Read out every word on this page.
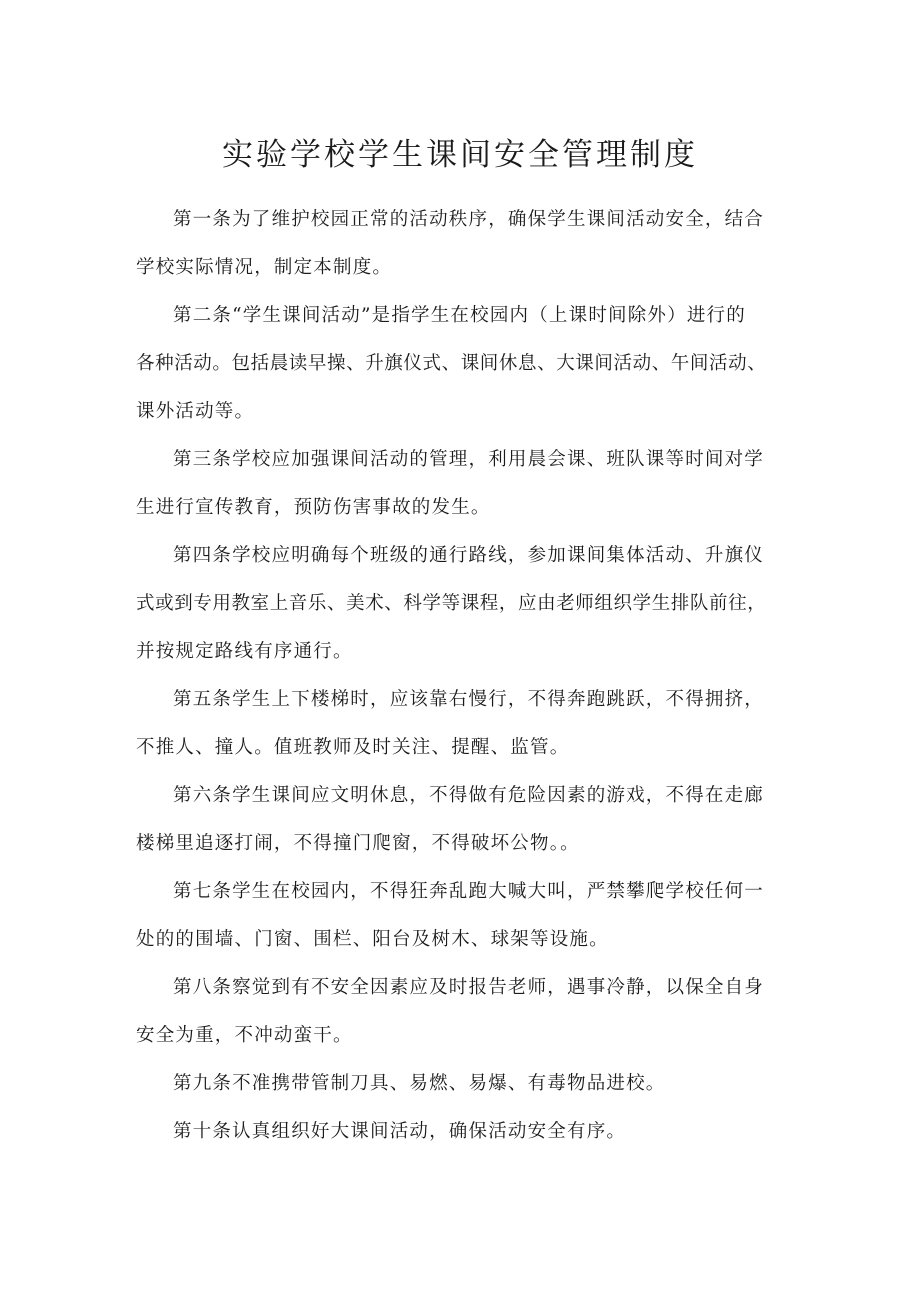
实验学校学生课间安全管理制度

第一条为了维护校园正常的活动秩序，确保学生课间活动安全，结合
学校实际情况，制定本制度。

第二条“学生课间活动”是指学生在校园内（上课时间除外）进行的
各种活动。包括晨读早操、升旗仪式、课间休息、大课间活动、午间活动、
课外活动等。

第三条学校应加强课间活动的管理，利用晨会课、班队课等时间对学
生进行宣传教育，预防伤害事故的发生。

第四条学校应明确每个班级的通行路线，参加课间集体活动、升旗仪
式或到专用教室上音乐、美术、科学等课程，应由老师组织学生排队前往，
并按规定路线有序通行。

第五条学生上下楼梯时，应该靠右慢行，不得奔跑跳跃，不得拥挤，
不推人、撞人。值班教师及时关注、提醒、监管。

第六条学生课间应文明休息，不得做有危险因素的游戏，不得在走廊
楼梯里追逐打闹，不得撞门爬窗，不得破坏公物。。

第七条学生在校园内，不得狂奔乱跑大喊大叫，严禁攀爬学校任何一
处的的围墙、门窗、围栏、阳台及树木、球架等设施。

第八条察觉到有不安全因素应及时报告老师，遇事冷静，以保全自身
安全为重，不冲动蛮干。

第九条不准携带管制刀具、易燃、易爆、有毒物品进校。

第十条认真组织好大课间活动，确保活动安全有序。
